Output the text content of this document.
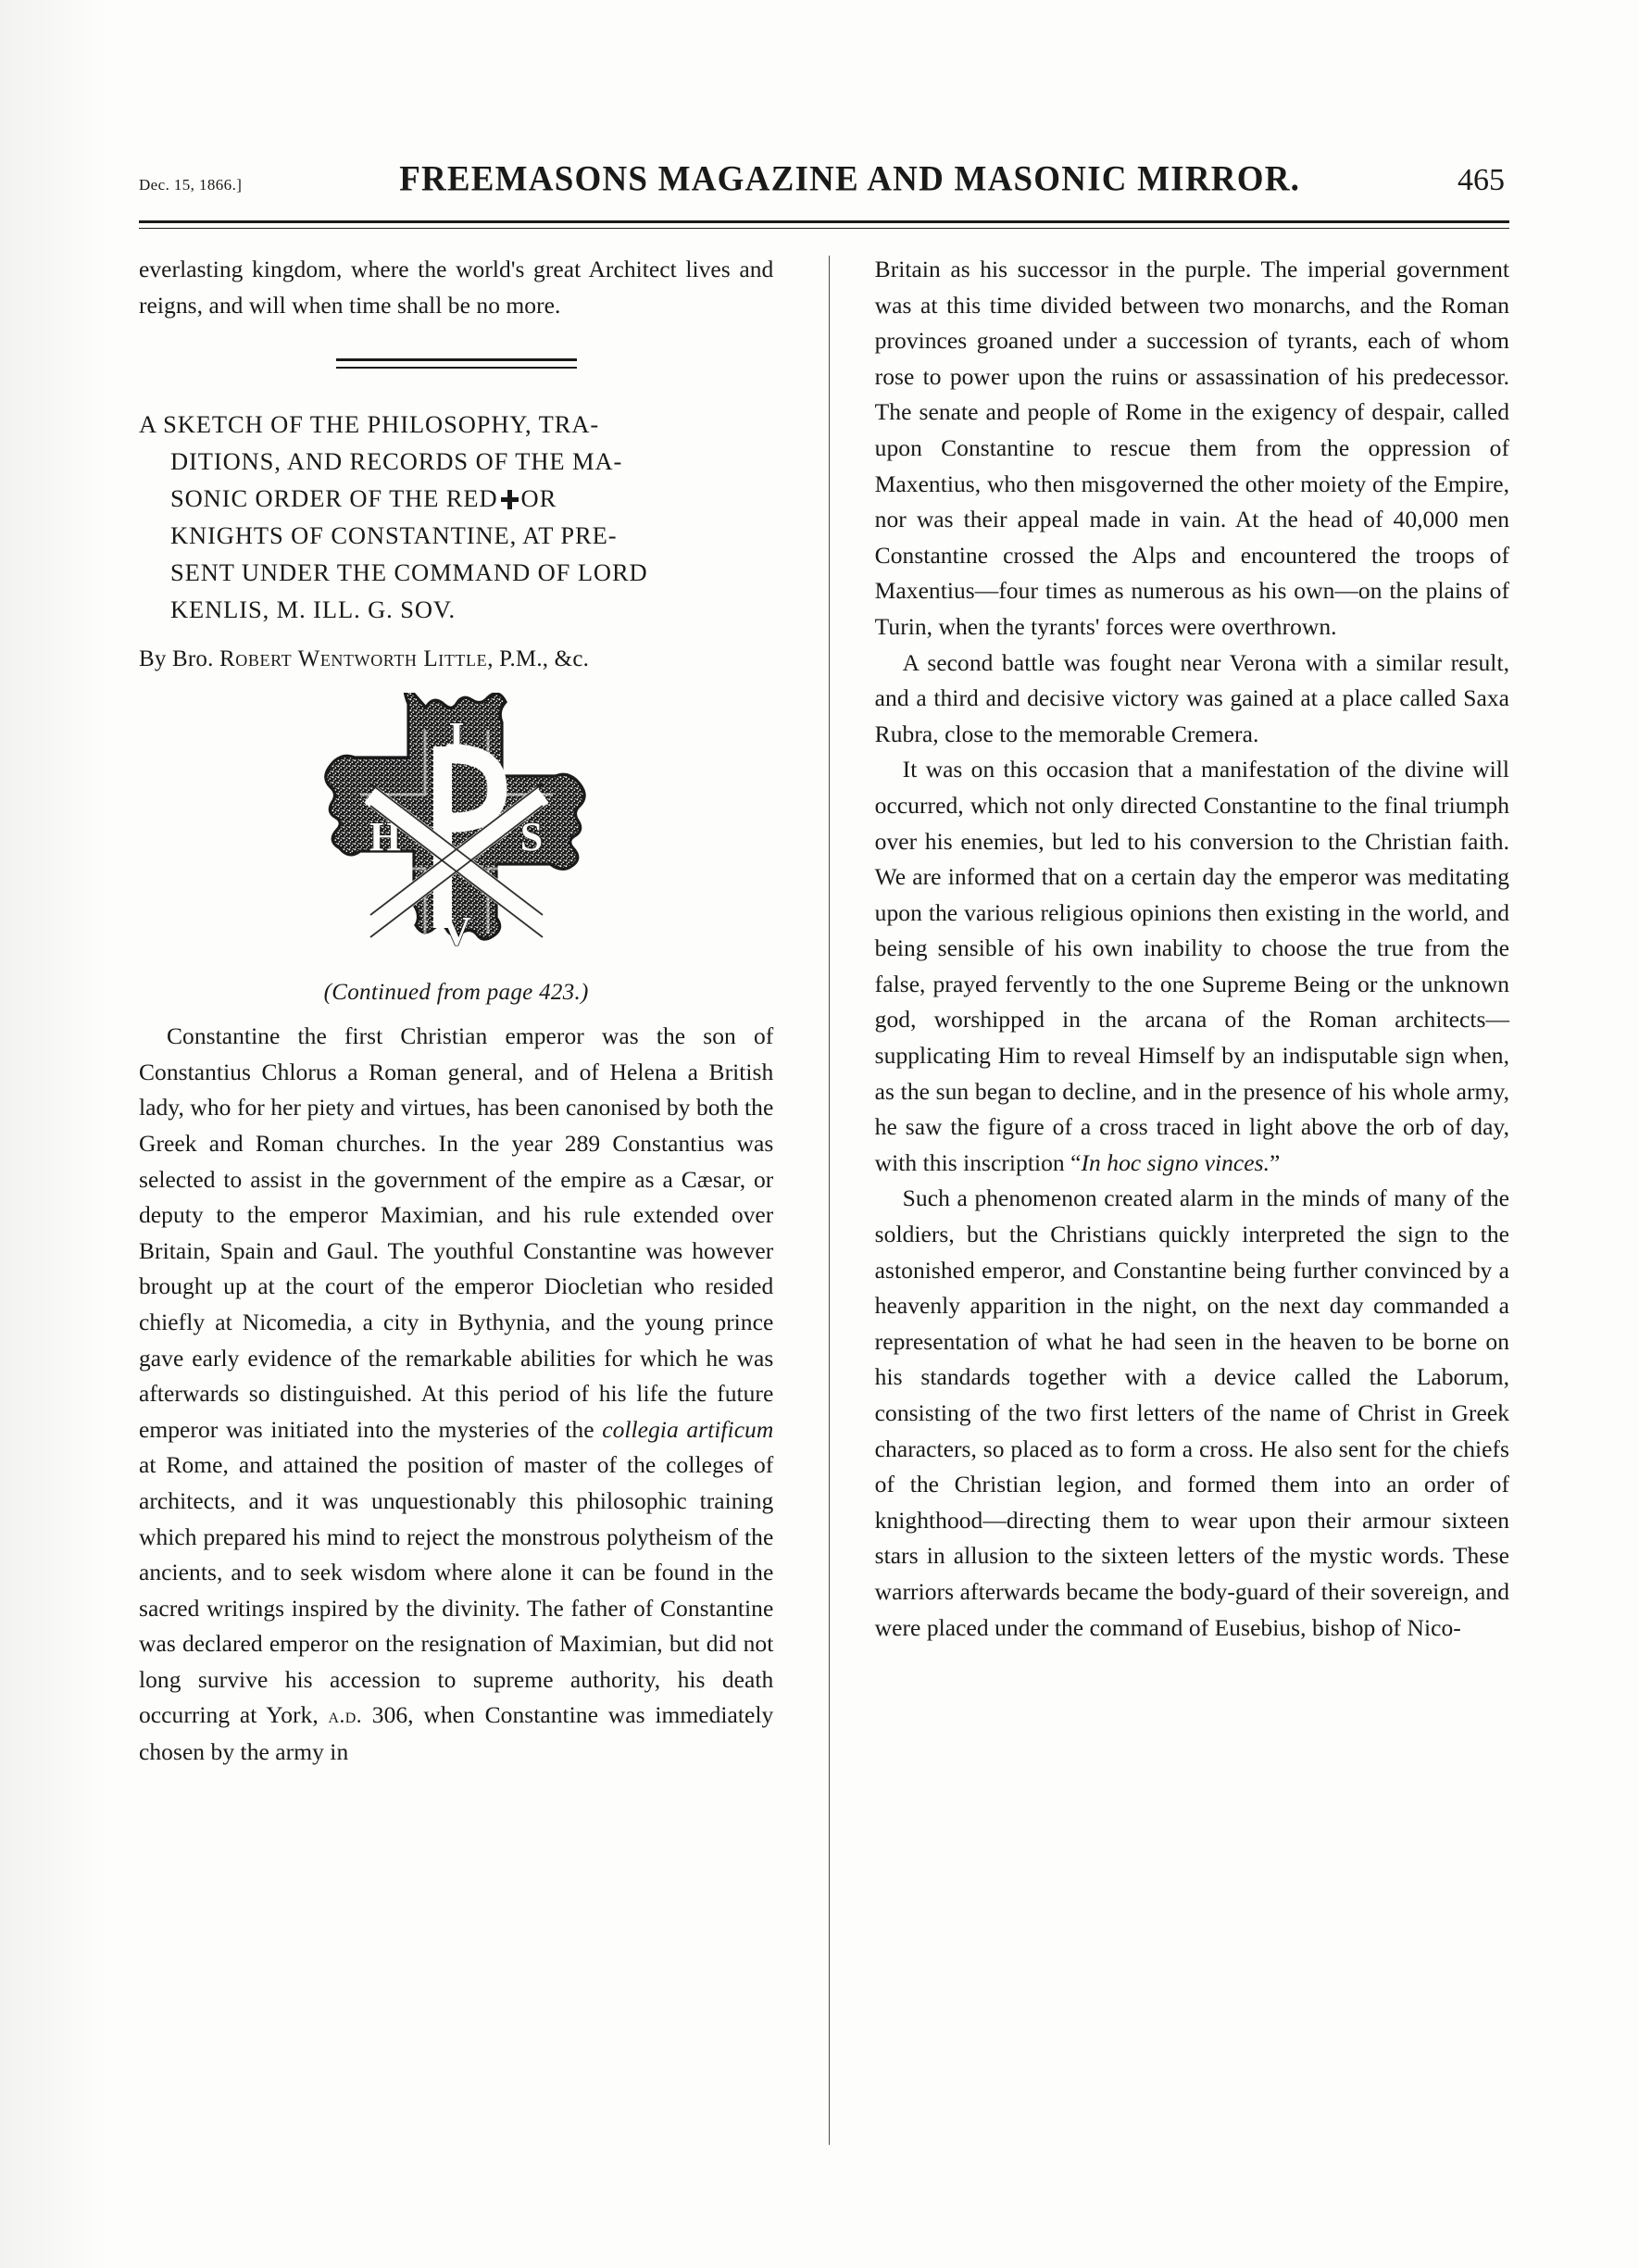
Dec. 15, 1866.]	FREEMASONS MAGAZINE AND MASONIC MIRROR.	465

everlasting kingdom, where the world's great Architect lives and reigns, and will when time shall be no more.

A SKETCH OF THE PHILOSOPHY, TRA-
DITIONS, AND RECORDS OF THE MA-
SONIC ORDER OF THE RED OR
KNIGHTS OF CONSTANTINE, AT PRE-
SENT UNDER THE COMMAND OF LORD
KENLIS, M. ILL. G. SOV.

By Bro. Robert Wentworth Little, P.M., &c.

I
H	S
V

(Continued from page 423.)

Constantine the first Christian emperor was the son of Constantius Chlorus a Roman general, and of Helena a British lady, who for her piety and virtues, has been canonised by both the Greek and Roman churches. In the year 289 Constantius was selected to assist in the government of the empire as a Cæsar, or deputy to the emperor Maximian, and his rule extended over Britain, Spain and Gaul. The youthful Constantine was however brought up at the court of the emperor Diocletian who resided chiefly at Nicomedia, a city in Bythynia, and the young prince gave early evidence of the remarkable abilities for which he was afterwards so distinguished. At this period of his life the future emperor was initiated into the mysteries of the collegia artificum at Rome, and attained the position of master of the colleges of architects, and it was unquestionably this philosophic training which prepared his mind to reject the monstrous polytheism of the ancients, and to seek wisdom where alone it can be found in the sacred writings inspired by the divinity. The father of Constantine was declared emperor on the resignation of Maximian, but did not long survive his accession to supreme authority, his death occurring at York, a.d. 306, when Constantine was immediately chosen by the army in

Britain as his successor in the purple. The imperial government was at this time divided between two monarchs, and the Roman provinces groaned under a succession of tyrants, each of whom rose to power upon the ruins or assassination of his predecessor. The senate and people of Rome in the exigency of despair, called upon Constantine to rescue them from the oppression of Maxentius, who then misgoverned the other moiety of the Empire, nor was their appeal made in vain. At the head of 40,000 men Constantine crossed the Alps and encountered the troops of Maxentius—four times as numerous as his own—on the plains of Turin, when the tyrants' forces were overthrown.

A second battle was fought near Verona with a similar result, and a third and decisive victory was gained at a place called Saxa Rubra, close to the memorable Cremera.

It was on this occasion that a manifestation of the divine will occurred, which not only directed Constantine to the final triumph over his enemies, but led to his conversion to the Christian faith. We are informed that on a certain day the emperor was meditating upon the various religious opinions then existing in the world, and being sensible of his own inability to choose the true from the false, prayed fervently to the one Supreme Being or the unknown god, worshipped in the arcana of the Roman architects—supplicating Him to reveal Himself by an indisputable sign when, as the sun began to decline, and in the presence of his whole army, he saw the figure of a cross traced in light above the orb of day, with this inscription “In hoc signo vinces.”

Such a phenomenon created alarm in the minds of many of the soldiers, but the Christians quickly interpreted the sign to the astonished emperor, and Constantine being further convinced by a heavenly apparition in the night, on the next day commanded a representation of what he had seen in the heaven to be borne on his standards together with a device called the Laborum, consisting of the two first letters of the name of Christ in Greek characters, so placed as to form a cross. He also sent for the chiefs of the Christian legion, and formed them into an order of knighthood—directing them to wear upon their armour sixteen stars in allusion to the sixteen letters of the mystic words. These warriors afterwards became the body-guard of their sovereign, and were placed under the command of Eusebius, bishop of Nico-
